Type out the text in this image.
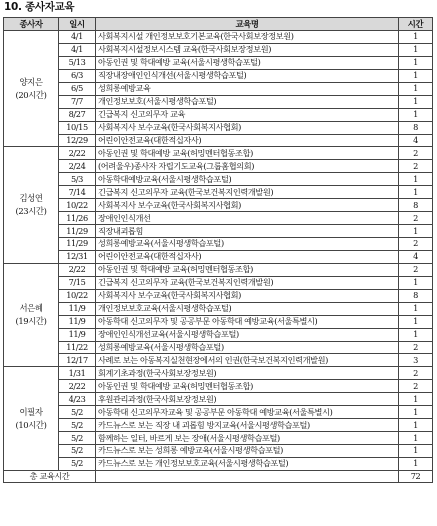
10. 종사자교육
종사자	일시	교육명	시간

양지은
(20시간)	4/1	사회복지시설 개인정보보호기본교육(한국사회보장정보원)	1
	4/1	사회복지시설정보시스템 교육(한국사회보장정보원)	1
	5/13	아동인권 및 학대예방 교육(서울시평생학습포털)	1
	6/3	직장내장애인인식개선(서울시평생학습포털)	1
	6/5	성희롱예방교육	1
	7/7	개인정보보호(서울시평생학습포털)	1
	8/27	긴급복지 신고의무자 교육	1
	10/15	사회복지사 보수교육(한국사회복지사협회)	8
	12/29	어린이안전교육(대한적십자사)	4

김성연
(23시간)	2/22	아동인권 및 학대예방 교육(허밍멘터협동조합)	2
	2/24	(어려울우)종사자 자립기도교육(그룹홈협의회)	2
	5/3	아동학대예방교육(서울시평생학습포털)	1
	7/14	긴급복지 신고의무자 교육(한국보건복지인력개발원)	1
	10/22	사회복지사 보수교육(한국사회복지사협회)	8
	11/26	장애인인식개선	2
	11/29	직장내괴롭힘	1
	11/29	성희롱예방교육(서울시평생학습포털)	2
	12/31	어린이안전교육(대한적십자사)	4

서은혜
(19시간)	2/22	아동인권 및 학대예방 교육(허밍멘터협동조합)	2
	7/15	긴급복지 신고의무자 교육(한국보건복지인력개발원)	1
	10/22	사회복지사 보수교육(한국사회복지사협회)	8
	11/9	개인정보보호교육(서울시평생학습포털)	1
	11/9	아동학대 신고의무자 및 공공부문 아동학대 예방교육(서울특별시)	1
	11/9	장애인인식개선교육(서울시평생학습포털)	1
	11/22	성희롱예방교육(서울시평생학습포털)	2
	12/17	사례로 보는 아동복지실천현장에서의 인권(한국보건복지인력개발원)	3

이필자
(10시간)	1/31	회계기초과정(한국사회보장정보원)	2
	2/22	아동인권 및 학대예방 교육(허밍멘터협동조합)	2
	4/23	후원관리과정(한국사회보장정보원)	1
	5/2	아동학대 신고의무자교육 및 공공부문 아동학대 예방교육(서울특별시)	1
	5/2	카드뉴스로 보는 직장 내 괴롭힘 방지교육(서울시평생학습포털)	1
	5/2	함께하는 일터, 바르게 보는 장애(서울시평생학습포털)	1
	5/2	카드뉴스로 보는 성희롱 예방교육(서울시평생학습포털)	1
	5/2	카드뉴스로 보는 개인정보보호교육(서울시평생학습포털)	1
총 교육시간			72
